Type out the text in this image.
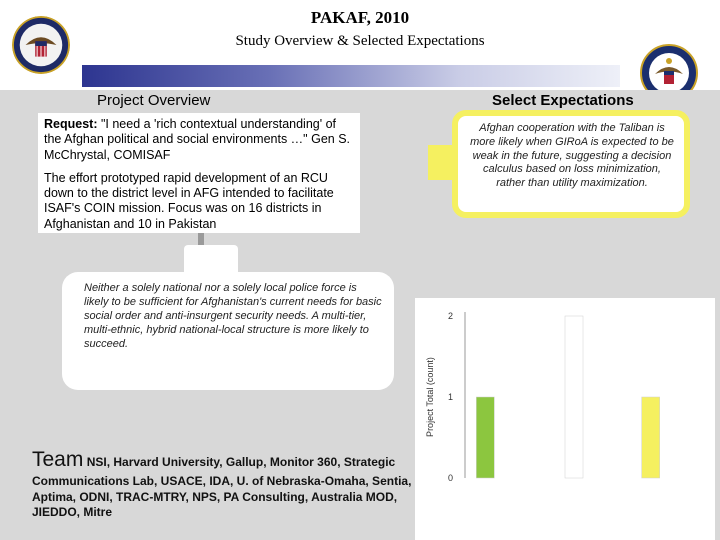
PAKAF, 2010
Study Overview & Selected Expectations
Project Overview	Select Expectations

Request: "I need a 'rich contextual understanding' of the Afghan political and social environments …" Gen S. McChrystal, COMISAF

The effort prototyped rapid development of an RCU down to the district level in AFG intended to facilitate ISAF's COIN mission. Focus was on 16 districts in Afghanistan and 10 in Pakistan

Afghan cooperation with the Taliban is more likely when GIRoA is expected to be weak in the future, suggesting a decision calculus based on loss minimization, rather than utility maximization.
Neither a solely national nor a solely local police force is likely to be sufficient for Afghanistan's current needs for basic social order and anti-insurgent security needs. A multi-tier, multi-ethnic, hybrid national-local structure is more likely to succeed.
Team NSI, Harvard University, Gallup, Monitor 360, Strategic Communications Lab, USACE, IDA, U. of Nebraska-Omaha, Sentia, Aptima, ODNI, TRAC-MTRY, NPS, PA Consulting, Australia MOD, JIEDDO, Mitre
0
1
2
Project Total (count)
